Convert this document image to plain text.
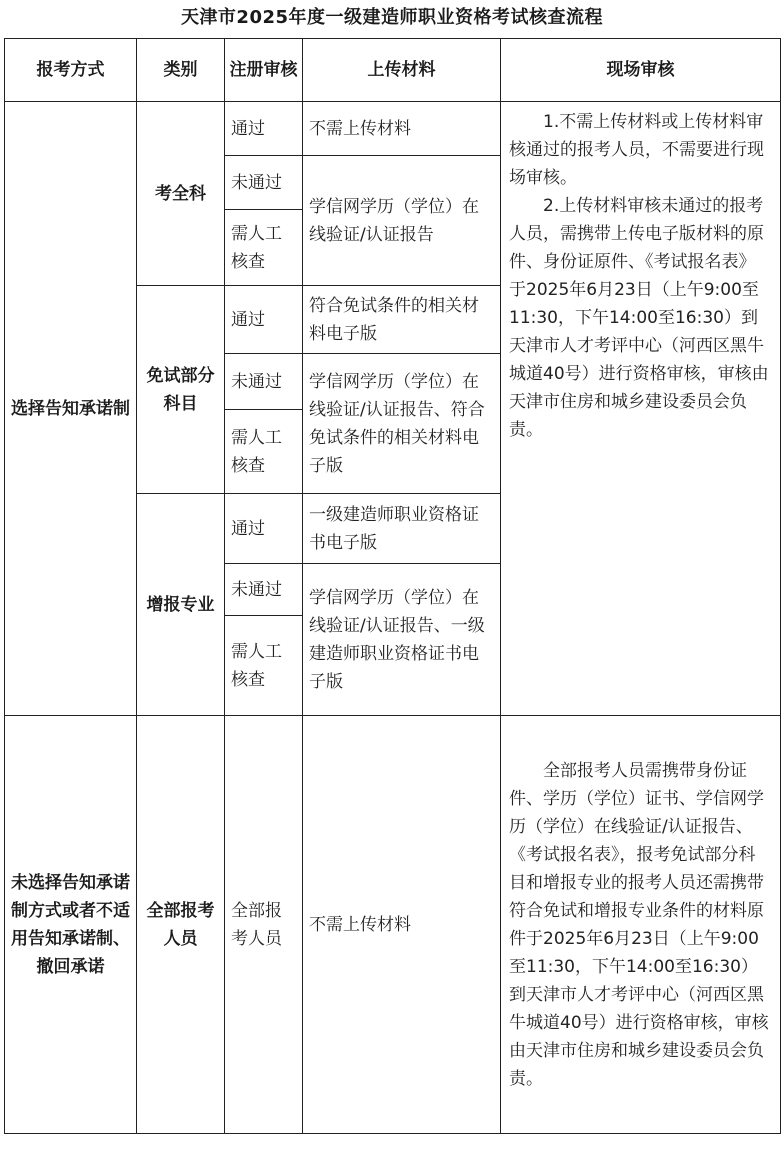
天津市2025年度一级建造师职业资格考试核查流程
报考方式	类别	注册审核	上传材料	现场审核
选择告知承诺制	考全科	通过	不需上传材料	1.不需上传材料或上传材料审核通过的报考人员，不需要进行现场审核。

2.上传材料审核未通过的报考人员，需携带上传电子版材料的原件、身份证原件、《考试报名表》于2025年6月23日（上午9:00至11:30，下午14:00至16:30）到天津市人才考评中心（河西区黑牛城道40号）进行资格审核，审核由天津市住房和城乡建设委员会负责。

		未通过	学信网学历（学位）在线验证/认证报告	
		需人工核查		
	免试部分科目	通过	符合免试条件的相关材料电子版	
		未通过	学信网学历（学位）在线验证/认证报告、符合免试条件的相关材料电子版	
		需人工核查		
	增报专业	通过	一级建造师职业资格证书电子版	
		未通过	学信网学历（学位）在线验证/认证报告、一级建造师职业资格证书电子版	
		需人工核查		
未选择告知承诺制方式或者不适用告知承诺制、撤回承诺	全部报考人员	全部报考人员	不需上传材料	全部报考人员需携带身份证件、学历（学位）证书、学信网学历（学位）在线验证/认证报告、《考试报名表》，报考免试部分科目和增报专业的报考人员还需携带符合免试和增报专业条件的材料原件于2025年6月23日（上午9:00至11:30，下午14:00至16:30）到天津市人才考评中心（河西区黑牛城道40号）进行资格审核，审核由天津市住房和城乡建设委员会负责。
